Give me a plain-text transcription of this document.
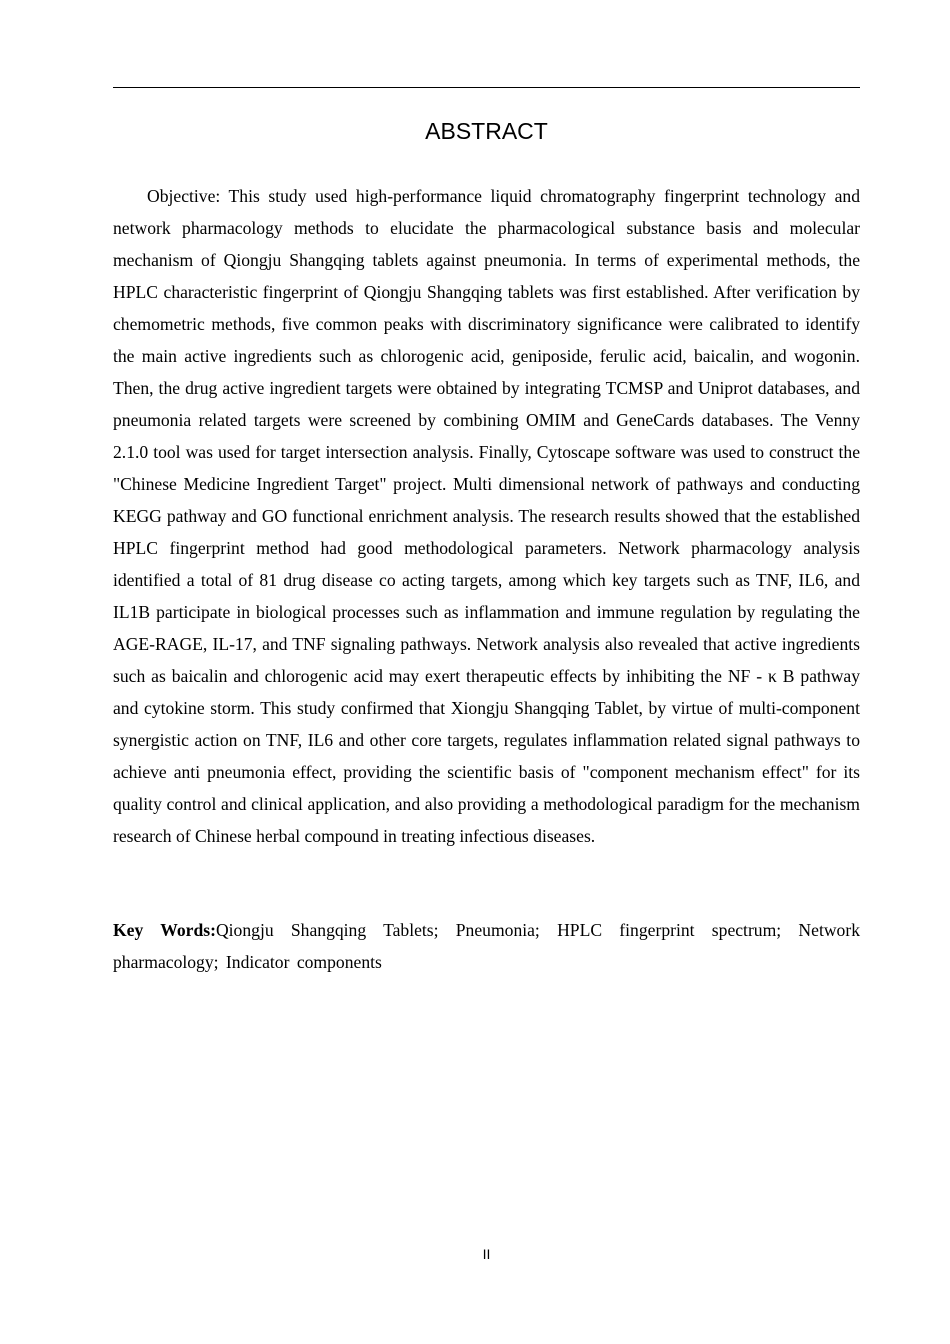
ABSTRACT

Objective: This study used high-performance liquid chromatography fingerprint technology and network pharmacology methods to elucidate the pharmacological substance basis and molecular mechanism of Qiongju Shangqing tablets against pneumonia. In terms of experimental methods, the HPLC characteristic fingerprint of Qiongju Shangqing tablets was first established. After verification by chemometric methods, five common peaks with discriminatory significance were calibrated to identify the main active ingredients such as chlorogenic acid, geniposide, ferulic acid, baicalin, and wogonin. Then, the drug active ingredient targets were obtained by integrating TCMSP and Uniprot databases, and pneumonia related targets were screened by combining OMIM and GeneCards databases. The Venny 2.1.0 tool was used for target intersection analysis. Finally, Cytoscape software was used to construct the "Chinese Medicine Ingredient Target" project. Multi dimensional network of pathways and conducting KEGG pathway and GO functional enrichment analysis. The research results showed that the established HPLC fingerprint method had good methodological parameters. Network pharmacology analysis identified a total of 81 drug disease co acting targets, among which key targets such as TNF, IL6, and IL1B participate in biological processes such as inflammation and immune regulation by regulating the AGE-RAGE, IL-17, and TNF signaling pathways. Network analysis also revealed that active ingredients such as baicalin and chlorogenic acid may exert therapeutic effects by inhibiting the NF - κ B pathway and cytokine storm. This study confirmed that Xiongju Shangqing Tablet, by virtue of multi-component synergistic action on TNF, IL6 and other core targets, regulates inflammation related signal pathways to achieve anti pneumonia effect, providing the scientific basis of "component mechanism effect" for its quality control and clinical application, and also providing a methodological paradigm for the mechanism research of Chinese herbal compound in treating infectious diseases.

Key Words:Qiongju Shangqing Tablets; Pneumonia; HPLC fingerprint spectrum; Network pharmacology; Indicator components

II
